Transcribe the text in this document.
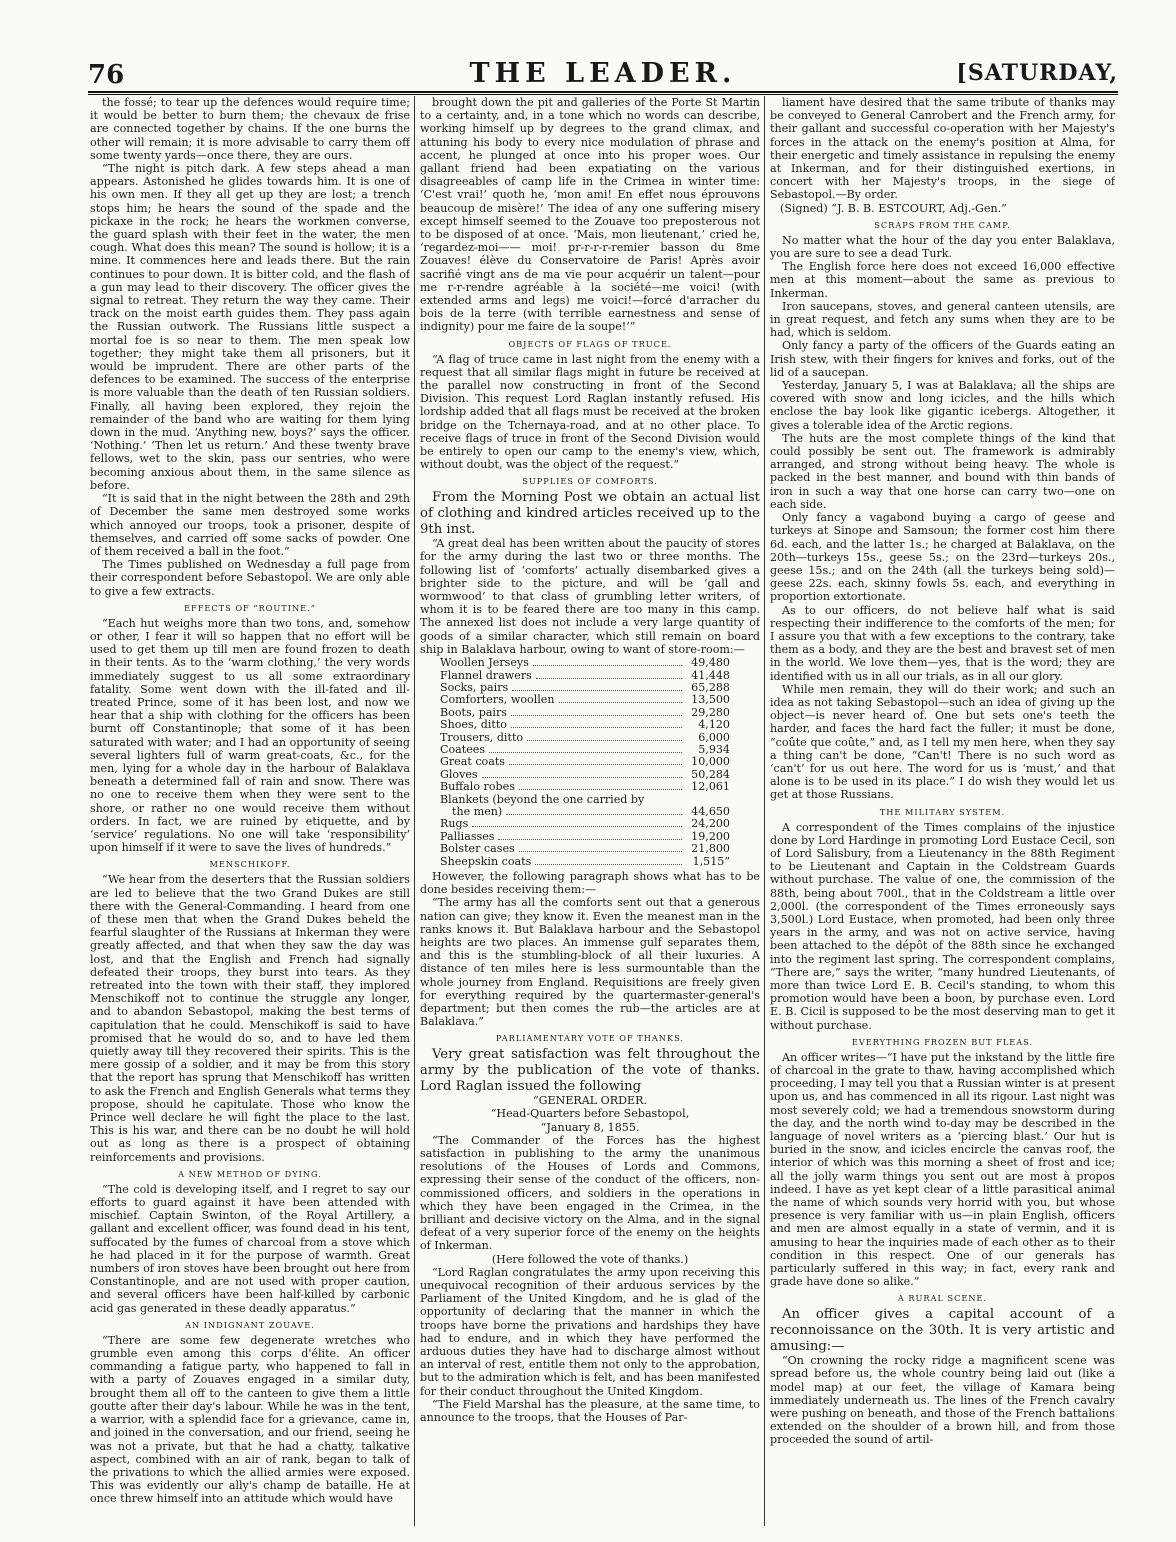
76	THE LEADER.	[SATURDAY,

the fossé; to tear up the defences would require time; it would be better to burn them; the chevaux de frise are connected together by chains. If the one burns the other will remain; it is more advisable to carry them off some twenty yards—once there, they are ours.

“The night is pitch dark. A few steps ahead a man appears. Astonished he glides towards him. It is one of his own men. If they all get up they are lost; a trench stops him; he hears the sound of the spade and the pickaxe in the rock; he hears the workmen converse, the guard splash with their feet in the water, the men cough. What does this mean? The sound is hollow; it is a mine. It commences here and leads there. But the rain continues to pour down. It is bitter cold, and the flash of a gun may lead to their discovery. The officer gives the signal to retreat. They return the way they came. Their track on the moist earth guides them. They pass again the Russian outwork. The Russians little suspect a mortal foe is so near to them. The men speak low together; they might take them all prisoners, but it would be imprudent. There are other parts of the defences to be examined. The success of the enterprise is more valuable than the death of ten Russian soldiers. Finally, all having been explored, they rejoin the remainder of the band who are waiting for them lying down in the mud. ‘Anything new, boys?’ says the officer. ‘Nothing.’ ‘Then let us return.’ And these twenty brave fellows, wet to the skin, pass our sentries, who were becoming anxious about them, in the same silence as before.

“It is said that in the night between the 28th and 29th of December the same men destroyed some works which annoyed our troops, took a prisoner, despite of themselves, and carried off some sacks of powder. One of them received a ball in the foot.”

The Times published on Wednesday a full page from their correspondent before Sebastopol. We are only able to give a few extracts.

EFFECTS OF “ROUTINE.”

“Each hut weighs more than two tons, and, somehow or other, I fear it will so happen that no effort will be used to get them up till men are found frozen to death in their tents. As to the ‘warm clothing,’ the very words immediately suggest to us all some extraordinary fatality. Some went down with the ill-fated and ill-treated Prince, some of it has been lost, and now we hear that a ship with clothing for the officers has been burnt off Constantinople; that some of it has been saturated with water; and I had an opportunity of seeing several lighters full of warm great-coats, &c., for the men, lying for a whole day in the harbour of Balaklava beneath a determined fall of rain and snow. There was no one to receive them when they were sent to the shore, or rather no one would receive them without orders. In fact, we are ruined by etiquette, and by ‘service’ regulations. No one will take ‘responsibility’ upon himself if it were to save the lives of hundreds.”

MENSCHIKOFF.

“We hear from the deserters that the Russian soldiers are led to believe that the two Grand Dukes are still there with the General-Commanding. I heard from one of these men that when the Grand Dukes beheld the fearful slaughter of the Russians at Inkerman they were greatly affected, and that when they saw the day was lost, and that the English and French had signally defeated their troops, they burst into tears. As they retreated into the town with their staff, they implored Menschikoff not to continue the struggle any longer, and to abandon Sebastopol, making the best terms of capitulation that he could. Menschikoff is said to have promised that he would do so, and to have led them quietly away till they recovered their spirits. This is the mere gossip of a soldier, and it may be from this story that the report has sprung that Menschikoff has written to ask the French and English Generals what terms they propose, should he capitulate. Those who know the Prince well declare he will fight the place to the last. This is his war, and there can be no doubt he will hold out as long as there is a prospect of obtaining reinforcements and provisions.

A NEW METHOD OF DYING.

“The cold is developing itself, and I regret to say our efforts to guard against it have been attended with mischief. Captain Swinton, of the Royal Artillery, a gallant and excellent officer, was found dead in his tent, suffocated by the fumes of charcoal from a stove which he had placed in it for the purpose of warmth. Great numbers of iron stoves have been brought out here from Constantinople, and are not used with proper caution, and several officers have been half-killed by carbonic acid gas generated in these deadly apparatus.”

AN INDIGNANT ZOUAVE.

“There are some few degenerate wretches who grumble even among this corps d'élite. An officer commanding a fatigue party, who happened to fall in with a party of Zouaves engaged in a similar duty, brought them all off to the canteen to give them a little goutte after their day's labour. While he was in the tent, a warrior, with a splendid face for a grievance, came in, and joined in the conversation, and our friend, seeing he was not a private, but that he had a chatty, talkative aspect, combined with an air of rank, began to talk of the privations to which the allied armies were exposed. This was evidently our ally's champ de bataille. He at once threw himself into an attitude which would have

brought down the pit and galleries of the Porte St Martin to a certainty, and, in a tone which no words can describe, working himself up by degrees to the grand climax, and attuning his body to every nice modulation of phrase and accent, he plunged at once into his proper woes. Our gallant friend had been expatiating on the various disagreeables of camp life in the Crimea in winter time: ‘C'est vrai!’ quoth he, ‘mon ami! En effet nous éprouvons beaucoup de misère!’ The idea of any one suffering misery except himself seemed to the Zouave too preposterous not to be disposed of at once. ‘Mais, mon lieutenant,’ cried he, ‘regardez-moi—— moi! pr-r-r-r-remier basson du 8me Zouaves! élève du Conservatoire de Paris! Après avoir sacrifié vingt ans de ma vie pour acquérir un talent—pour me r-r-rendre agréable à la société—me voici! (with extended arms and legs) me voici!—forcé d'arracher du bois de la terre (with terrible earnestness and sense of indignity) pour me faire de la soupe!’”

OBJECTS OF FLAGS OF TRUCE.

“A flag of truce came in last night from the enemy with a request that all similar flags might in future be received at the parallel now constructing in front of the Second Division. This request Lord Raglan instantly refused. His lordship added that all flags must be received at the broken bridge on the Tchernaya-road, and at no other place. To receive flags of truce in front of the Second Division would be entirely to open our camp to the enemy's view, which, without doubt, was the object of the request.”

SUPPLIES OF COMFORTS.

From the Morning Post we obtain an actual list of clothing and kindred articles received up to the 9th inst.

“A great deal has been written about the paucity of stores for the army during the last two or three months. The following list of ‘comforts’ actually disembarked gives a brighter side to the picture, and will be ‘gall and wormwood’ to that class of grumbling letter writers, of whom it is to be feared there are too many in this camp. The annexed list does not include a very large quantity of goods of a similar character, which still remain on board ship in Balaklava harbour, owing to want of store-room:—

Woollen Jerseys	49,480
Flannel drawers	41,448
Socks, pairs	65,288
Comforters, woollen	13,500
Boots, pairs	29,280
Shoes, ditto	4,120
Trousers, ditto	6,000
Coatees	5,934
Great coats	10,000
Gloves	50,284
Buffalo robes	12,061
Blankets (beyond the one carried by
the men)	44,650
Rugs	24,200
Palliasses	19,200
Bolster cases	21,800
Sheepskin coats	1,515”

However, the following paragraph shows what has to be done besides receiving them:—

“The army has all the comforts sent out that a generous nation can give; they know it. Even the meanest man in the ranks knows it. But Balaklava harbour and the Sebastopol heights are two places. An immense gulf separates them, and this is the stumbling-block of all their luxuries. A distance of ten miles here is less surmountable than the whole journey from England. Requisitions are freely given for everything required by the quartermaster-general's department; but then comes the rub—the articles are at Balaklava.”

PARLIAMENTARY VOTE OF THANKS.

Very great satisfaction was felt throughout the army by the publication of the vote of thanks. Lord Raglan issued the following

“GENERAL ORDER.

“Head-Quarters before Sebastopol,

“January 8, 1855.

“The Commander of the Forces has the highest satisfaction in publishing to the army the unanimous resolutions of the Houses of Lords and Commons, expressing their sense of the conduct of the officers, non-commissioned officers, and soldiers in the operations in which they have been engaged in the Crimea, in the brilliant and decisive victory on the Alma, and in the signal defeat of a very superior force of the enemy on the heights of Inkerman.

(Here followed the vote of thanks.)

“Lord Raglan congratulates the army upon receiving this unequivocal recognition of their arduous services by the Parliament of the United Kingdom, and he is glad of the opportunity of declaring that the manner in which the troops have borne the privations and hardships they have had to endure, and in which they have performed the arduous duties they have had to discharge almost without an interval of rest, entitle them not only to the approbation, but to the admiration which is felt, and has been manifested for their conduct throughout the United Kingdom.

“The Field Marshal has the pleasure, at the same time, to announce to the troops, that the Houses of Par-

liament have desired that the same tribute of thanks may be conveyed to General Canrobert and the French army, for their gallant and successful co-operation with her Majesty's forces in the attack on the enemy's position at Alma, for their energetic and timely assistance in repulsing the enemy at Inkerman, and for their distinguished exertions, in concert with her Majesty's troops, in the siege of Sebastopol.—By order.

(Signed) “J. B. B. ESTCOURT, Adj.-Gen.”

SCRAPS FROM THE CAMP.

No matter what the hour of the day you enter Balaklava, you are sure to see a dead Turk.

The English force here does not exceed 16,000 effective men at this moment—about the same as previous to Inkerman.

Iron saucepans, stoves, and general canteen utensils, are in great request, and fetch any sums when they are to be had, which is seldom.

Only fancy a party of the officers of the Guards eating an Irish stew, with their fingers for knives and forks, out of the lid of a saucepan.

Yesterday, January 5, I was at Balaklava; all the ships are covered with snow and long icicles, and the hills which enclose the bay look like gigantic icebergs. Altogether, it gives a tolerable idea of the Arctic regions.

The huts are the most complete things of the kind that could possibly be sent out. The framework is admirably arranged, and strong without being heavy. The whole is packed in the best manner, and bound with thin bands of iron in such a way that one horse can carry two—one on each side.

Only fancy a vagabond buying a cargo of geese and turkeys at Sinope and Samsoun; the former cost him there 6d. each, and the latter 1s.; he charged at Balaklava, on the 20th—turkeys 15s., geese 5s.; on the 23rd—turkeys 20s., geese 15s.; and on the 24th (all the turkeys being sold)—geese 22s. each, skinny fowls 5s. each, and everything in proportion extortionate.

As to our officers, do not believe half what is said respecting their indifference to the comforts of the men; for I assure you that with a few exceptions to the contrary, take them as a body, and they are the best and bravest set of men in the world. We love them—yes, that is the word; they are identified with us in all our trials, as in all our glory.

While men remain, they will do their work; and such an idea as not taking Sebastopol—such an idea of giving up the object—is never heard of. One but sets one's teeth the harder, and faces the hard fact the fuller; it must be done, “coûte que coûte,” and, as I tell my men here, when they say a thing can't be done, “Can't! There is no such word as ‘can't’ for us out here. The word for us is ‘must,’ and that alone is to be used in its place.” I do wish they would let us get at those Russians.

THE MILITARY SYSTEM.

A correspondent of the Times complains of the injustice done by Lord Hardinge in promoting Lord Eustace Cecil, son of Lord Salisbury, from a Lieutenancy in the 88th Regiment to be Lieutenant and Captain in the Coldstream Guards without purchase. The value of one, the commission of the 88th, being about 700l., that in the Coldstream a little over 2,000l. (the correspondent of the Times erroneously says 3,500l.) Lord Eustace, when promoted, had been only three years in the army, and was not on active service, having been attached to the dépôt of the 88th since he exchanged into the regiment last spring. The correspondent complains, “There are,” says the writer, “many hundred Lieutenants, of more than twice Lord E. B. Cecil's standing, to whom this promotion would have been a boon, by purchase even. Lord E. B. Cicil is supposed to be the most deserving man to get it without purchase.

EVERYTHING FROZEN BUT FLEAS.

An officer writes—“I have put the inkstand by the little fire of charcoal in the grate to thaw, having accomplished which proceeding, I may tell you that a Russian winter is at present upon us, and has commenced in all its rigour. Last night was most severely cold; we had a tremendous snowstorm during the day, and the north wind to-day may be described in the language of novel writers as a ‘piercing blast.’ Our hut is buried in the snow, and icicles encircle the canvas roof, the interior of which was this morning a sheet of frost and ice; all the jolly warm things you sent out are most à propos indeed. I have as yet kept clear of a little parasitical animal the name of which sounds very horrid with you, but whose presence is very familiar with us—in plain English, officers and men are almost equally in a state of vermin, and it is amusing to hear the inquiries made of each other as to their condition in this respect. One of our generals has particularly suffered in this way; in fact, every rank and grade have done so alike.”

A RURAL SCENE.

An officer gives a capital account of a reconnoissance on the 30th. It is very artistic and amusing:—

“On crowning the rocky ridge a magnificent scene was spread before us, the whole country being laid out (like a model map) at our feet, the village of Kamara being immediately underneath us. The lines of the French cavalry were pushing on beneath, and those of the French battalions extended on the shoulder of a brown hill, and from those proceeded the sound of artil-
